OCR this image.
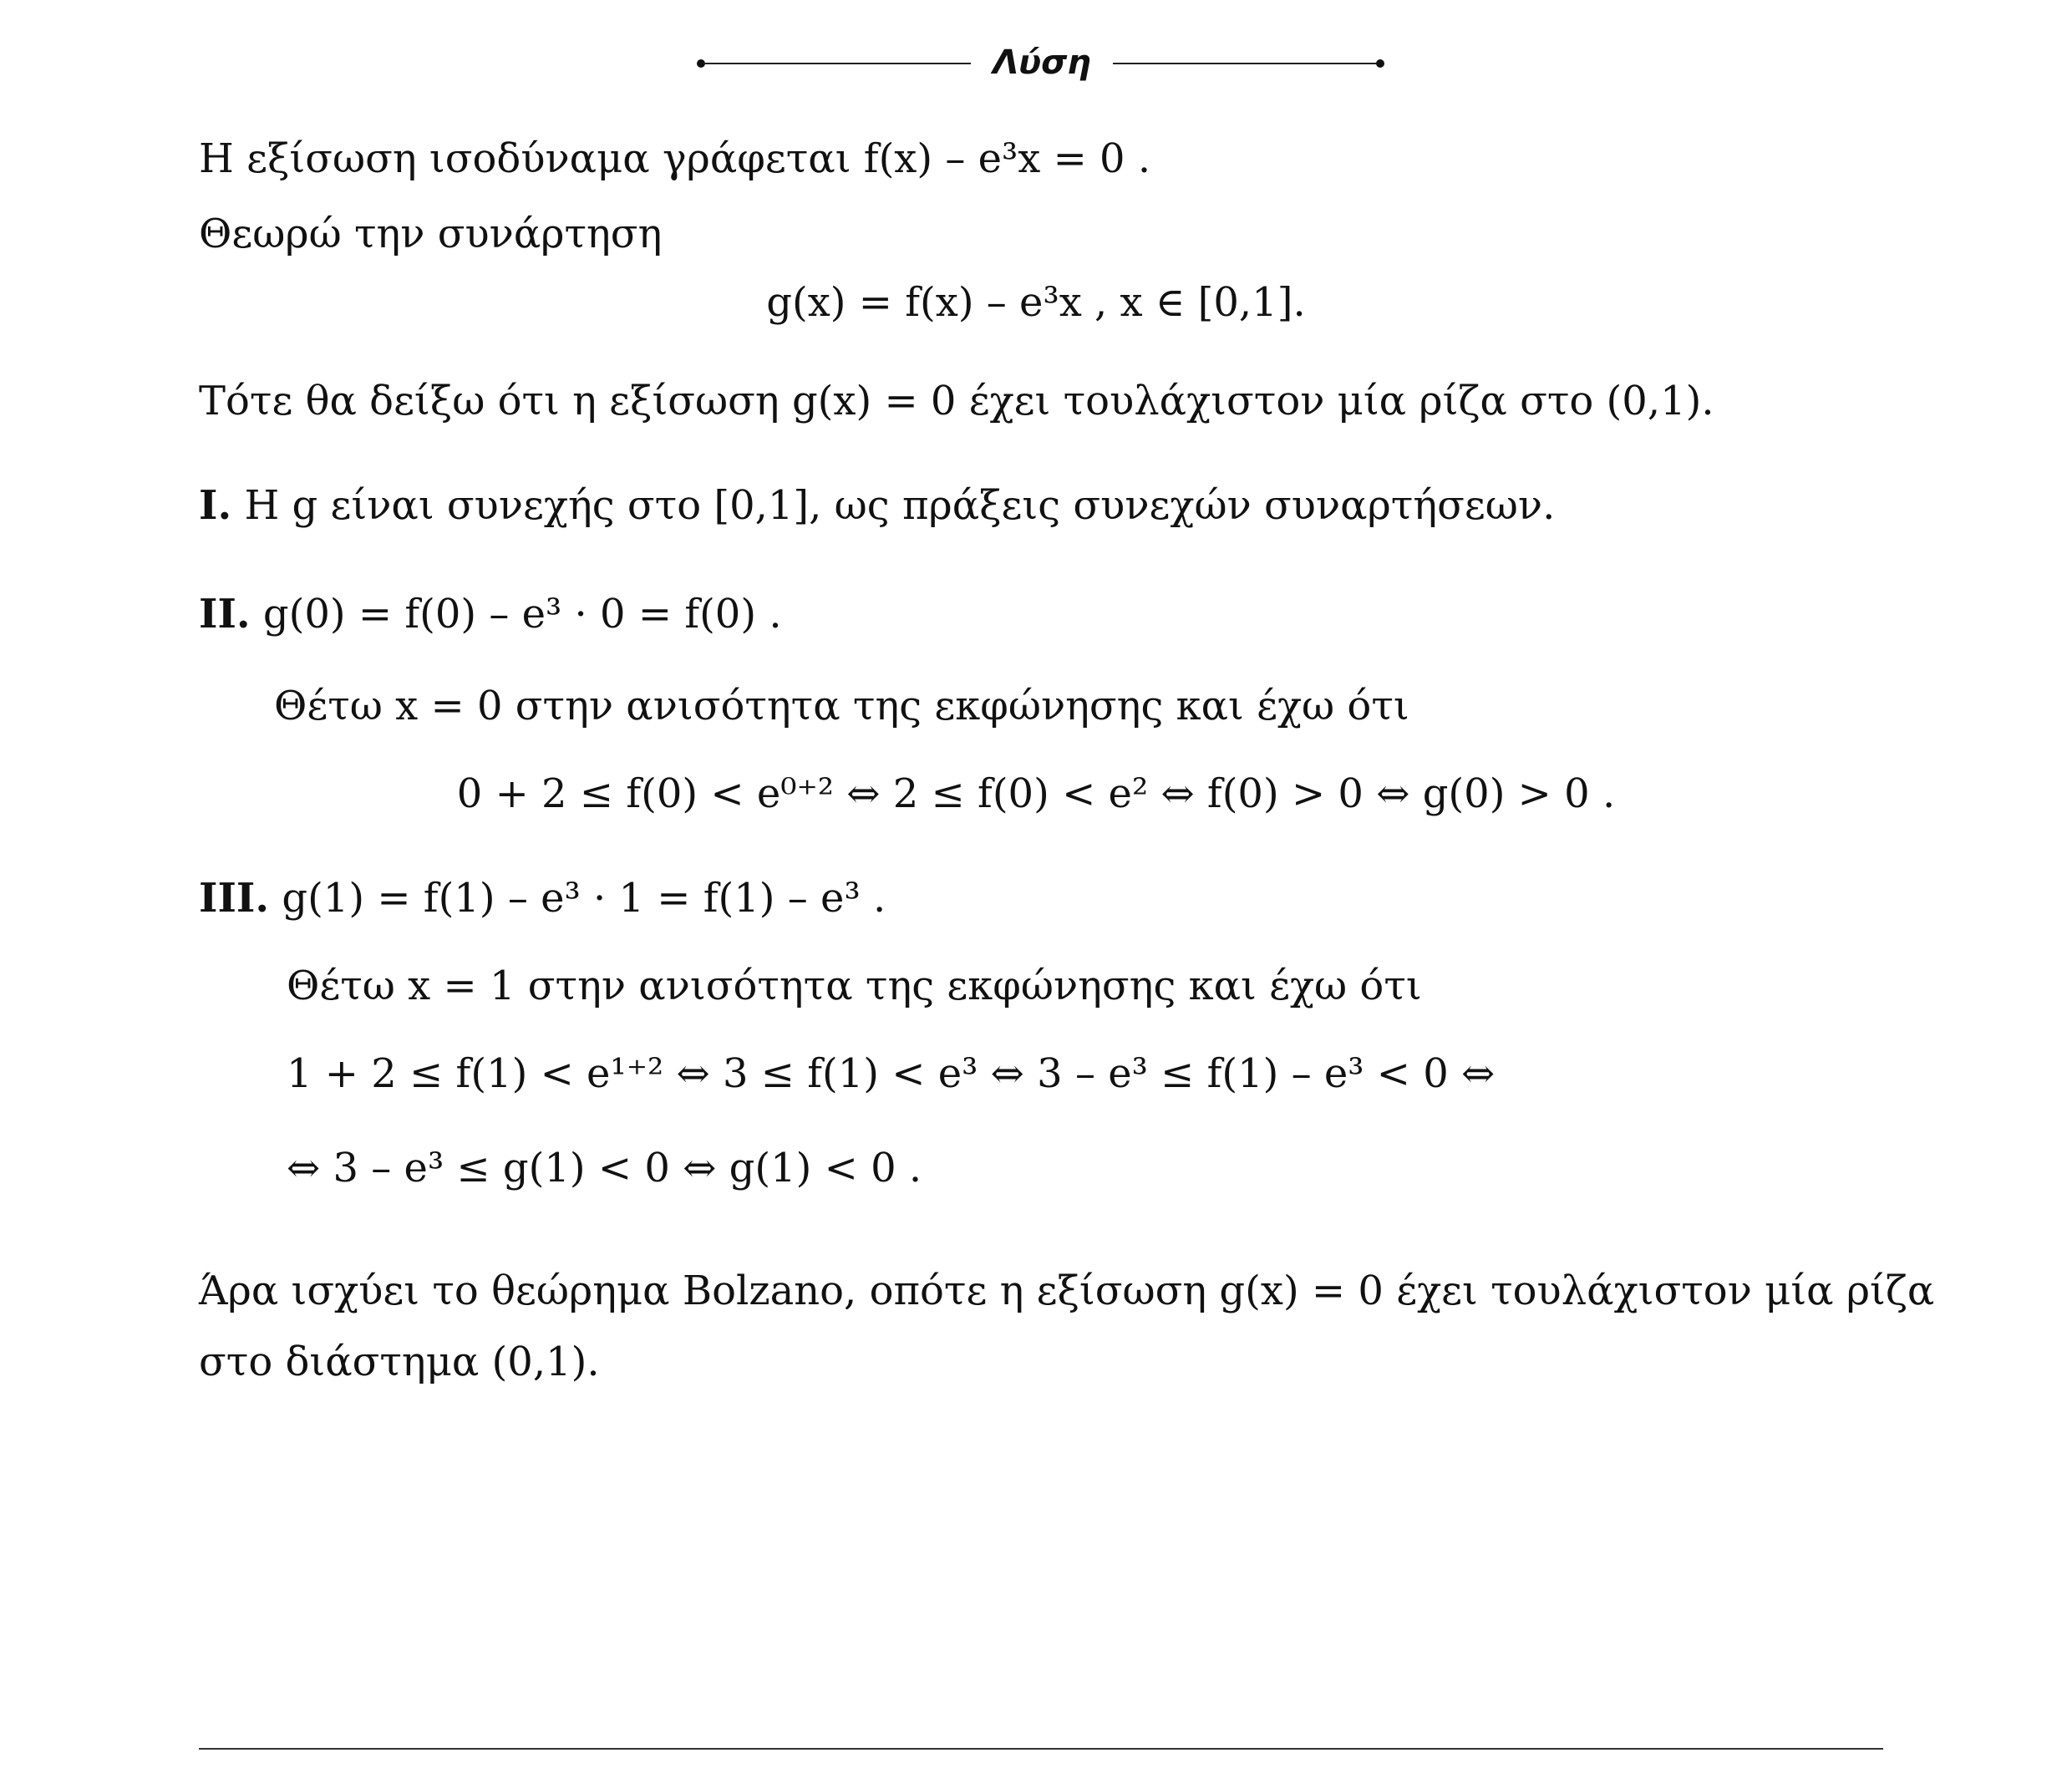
Λύση
Η εξίσωση ισοδύναμα γράφεται f(x) – e³x = 0 .
Θεωρώ την συνάρτηση
g(x) = f(x) – e³x , x ∈ [0,1].
Τότε θα δείξω ότι η εξίσωση g(x) = 0 έχει τουλάχιστον μία ρίζα στο (0,1).
I. Η g είναι συνεχής στο [0,1], ως πράξεις συνεχών συναρτήσεων.
II. g(0) = f(0) – e³ · 0 = f(0) .
Θέτω x = 0 στην ανισότητα της εκφώνησης και έχω ότι
0 + 2 ≤ f(0) < e⁰⁺² ⇔ 2 ≤ f(0) < e² ⇔ f(0) > 0 ⇔ g(0) > 0 .
III. g(1) = f(1) – e³ · 1 = f(1) – e³ .
Θέτω x = 1 στην ανισότητα της εκφώνησης και έχω ότι
1 + 2 ≤ f(1) < e¹⁺² ⇔ 3 ≤ f(1) < e³ ⇔ 3 – e³ ≤ f(1) – e³ < 0 ⇔
⇔ 3 – e³ ≤ g(1) < 0 ⇔ g(1) < 0 .
Άρα ισχύει το θεώρημα Bolzano, οπότε η εξίσωση g(x) = 0 έχει τουλάχιστον μία ρίζα
στο διάστημα (0,1).
